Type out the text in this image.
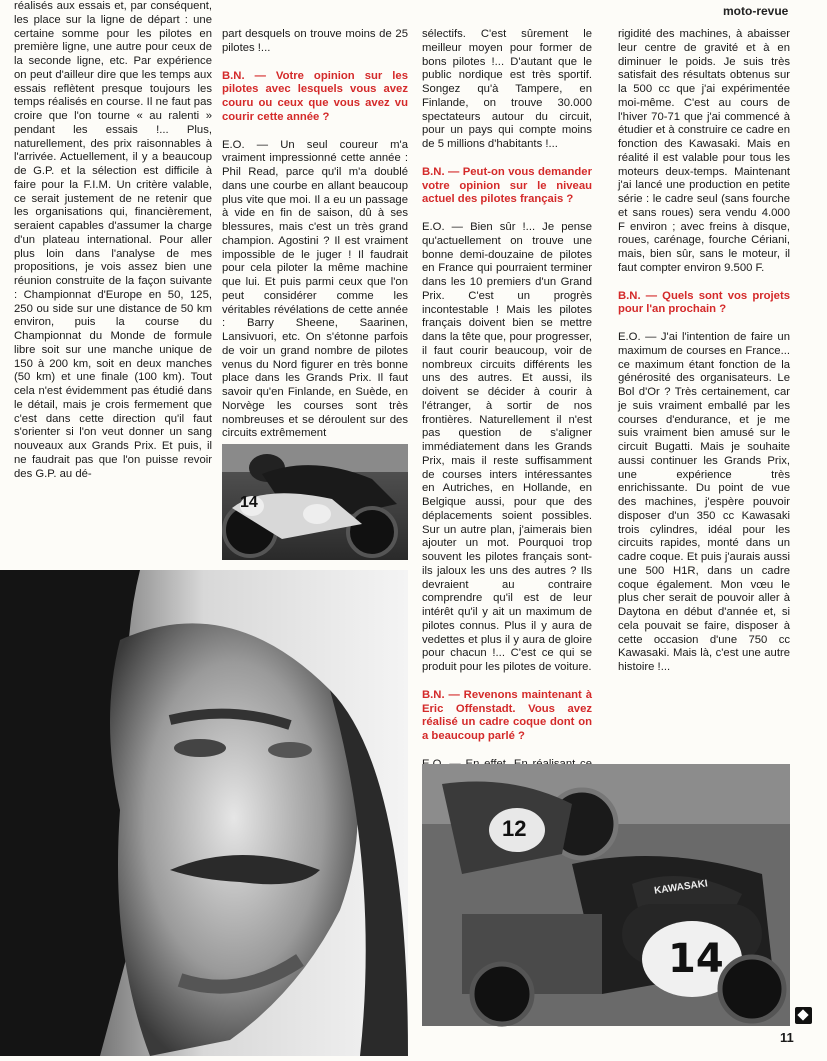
moto-revue

réalisés aux essais et, par conséquent, les place sur la ligne de départ : une certaine somme pour les pilotes en première ligne, une autre pour ceux de la seconde ligne, etc. Par expérience on peut d'ailleur dire que les temps aux essais reflètent presque toujours les temps réalisés en course. Il ne faut pas croire que l'on tourne « au ralenti » pendant les essais !... Plus, naturellement, des prix raisonnables à l'arrivée. Actuellement, il y a beaucoup de G.P. et la sélection est difficile à faire pour la F.I.M. Un critère valable, ce serait justement de ne retenir que les organisations qui, financièrement, seraient capables d'assumer la charge d'un plateau international. Pour aller plus loin dans l'analyse de mes propositions, je vois assez bien une réunion construite de la façon suivante : Championnat d'Europe en 50, 125, 250 ou side sur une distance de 50 km environ, puis la course du Championnat du Monde de formule libre soit sur une manche unique de 150 à 200 km, soit en deux manches (50 km) et une finale (100 km). Tout cela n'est évidemment pas étudié dans le détail, mais je crois fermement que c'est dans cette direction qu'il faut s'orienter si l'on veut donner un sang nouveaux aux Grands Prix. Et puis, il ne faudrait pas que l'on puisse revoir des G.P. au dé-

part desquels on trouve moins de 25 pilotes !...

B.N. — Votre opinion sur les pilotes avec lesquels vous avez couru ou ceux que vous avez vu courir cette année ?

E.O. — Un seul coureur m'a vraiment impressionné cette année : Phil Read, parce qu'il m'a doublé dans une courbe en allant beaucoup plus vite que moi. Il a eu un passage à vide en fin de saison, dû à ses blessures, mais c'est un très grand champion. Agostini ? Il est vraiment impossible de le juger ! Il faudrait pour cela piloter la même machine que lui. Et puis parmi ceux que l'on peut considérer comme les véritables révélations de cette année : Barry Sheene, Saarinen, Lansivuori, etc. On s'étonne parfois de voir un grand nombre de pilotes venus du Nord figurer en très bonne place dans les Grands Prix. Il faut savoir qu'en Finlande, en Suède, en Norvège les courses sont très nombreuses et se déroulent sur des circuits extrêmement

sélectifs. C'est sûrement le meilleur moyen pour former de bons pilotes !... D'autant que le public nordique est très sportif. Songez qu'à Tampere, en Finlande, on trouve 30.000 spectateurs autour du circuit, pour un pays qui compte moins de 5 millions d'habitants !...

B.N. — Peut-on vous demander votre opinion sur le niveau actuel des pilotes français ?

E.O. — Bien sûr !... Je pense qu'actuellement on trouve une bonne demi-douzaine de pilotes en France qui pourraient terminer dans les 10 premiers d'un Grand Prix. C'est un progrès incontestable ! Mais les pilotes français doivent bien se mettre dans la tête que, pour progresser, il faut courir beaucoup, voir de nombreux circuits différents les uns des autres. Et aussi, ils doivent se décider à courir à l'étranger, à sortir de nos frontières. Naturellement il n'est pas question de s'aligner immédiatement dans les Grands Prix, mais il reste suffisamment de courses inters intéressantes en Autriches, en Hollande, en Belgique aussi, pour que des déplacements soient possibles. Sur un autre plan, j'aimerais bien ajouter un mot. Pourquoi trop souvent les pilotes français sont-ils jaloux les uns des autres ? Ils devraient au contraire comprendre qu'il est de leur intérêt qu'il y ait un maximum de pilotes connus. Plus il y aura de vedettes et plus il y aura de gloire pour chacun !... C'est ce qui se produit pour les pilotes de voiture.

B.N. — Revenons maintenant à Eric Offenstadt. Vous avez réalisé un cadre coque dont on a beaucoup parlé ?

rigidité des machines, à abaisser leur centre de gravité et à en diminuer le poids. Je suis très satisfait des résultats obtenus sur la 500 cc que j'ai expérimentée moi-même. C'est au cours de l'hiver 70-71 que j'ai commencé à étudier et à construire ce cadre en fonction des Kawasaki. Mais en réalité il est valable pour tous les moteurs deux-temps. Maintenant j'ai lancé une production en petite série : le cadre seul (sans fourche et sans roues) sera vendu 4.000 F environ ; avec freins à disque, roues, carénage, fourche Cériani, mais, bien sûr, sans le moteur, il faut compter environ 9.500 F.

B.N. — Quels sont vos projets pour l'an prochain ?

E.O. — J'ai l'intention de faire un maximum de courses en France... ce maximum étant fonction de la générosité des organisateurs. Le Bol d'Or ? Très certainement, car je suis vraiment emballé par les courses d'endurance, et je me suis vraiment bien amusé sur le circuit Bugatti. Mais je souhaite aussi continuer les Grands Prix, une expérience très enrichissante. Du point de vue des machines, j'espère pouvoir disposer d'un 350 cc Kawasaki trois cylindres, idéal pour les circuits rapides, monté dans un cadre coque. Et puis j'aurais aussi une 500 H1R, dans un cadre coque également. Mon vœu le plus cher serait de pouvoir aller à Daytona en début d'année et, si cela pouvait se faire, disposer à cette occasion d'une 750 cc Kawasaki. Mais là, c'est une autre histoire !...

14
12
KAWASAKI
14
11
